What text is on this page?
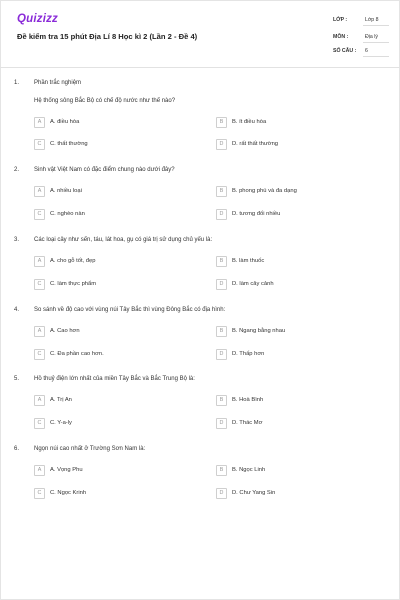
Quizizz
Đề kiểm tra 15 phút Địa Lí 8 Học kì 2 (Lần 2 - Đề 4)
LỚP :	Lớp 8
MÔN :	Địa lý
SỐ CÂU : 6
1. Phần trắc nghiệm
Hệ thống sông Bắc Bộ có chế độ nước như thế nào?
A	A. điều hòa	B	B. ít điều hòa
C	C. thất thường	D	D. rất thất thường
2. Sinh vật Việt Nam có đặc điểm chung nào dưới đây?
A	A. nhiều loại	B	B. phong phú và đa dạng
C	C. nghèo nàn	D	D. tương đối nhiều
3. Các loại cây như sến, táu, lát hoa, gụ có giá trị sử dụng chủ yếu là:
A	A. cho gỗ tốt, đẹp	B	B. làm thuốc
C	C. làm thực phẩm	D	D. làm cây cảnh
4. So sánh về độ cao với vùng núi Tây Bắc thì vùng Đông Bắc có địa hình:
A	A. Cao hơn	B	B. Ngang bằng nhau
C	C. Đa phần cao hơn.	D	D. Thấp hơn
5. Hồ thuỷ điện lớn nhất của miền Tây Bắc và Bắc Trung Bộ là:
A	A. Trị An	B	B. Hoà Bình
C	C. Y-a-ly	D	D. Thác Mơ
6. Ngọn núi cao nhất ở Trường Sơn Nam là:
A	A. Vọng Phu	B	B. Ngọc Linh
C	C. Ngọc Krinh	D	D. Chư Yang Sin
